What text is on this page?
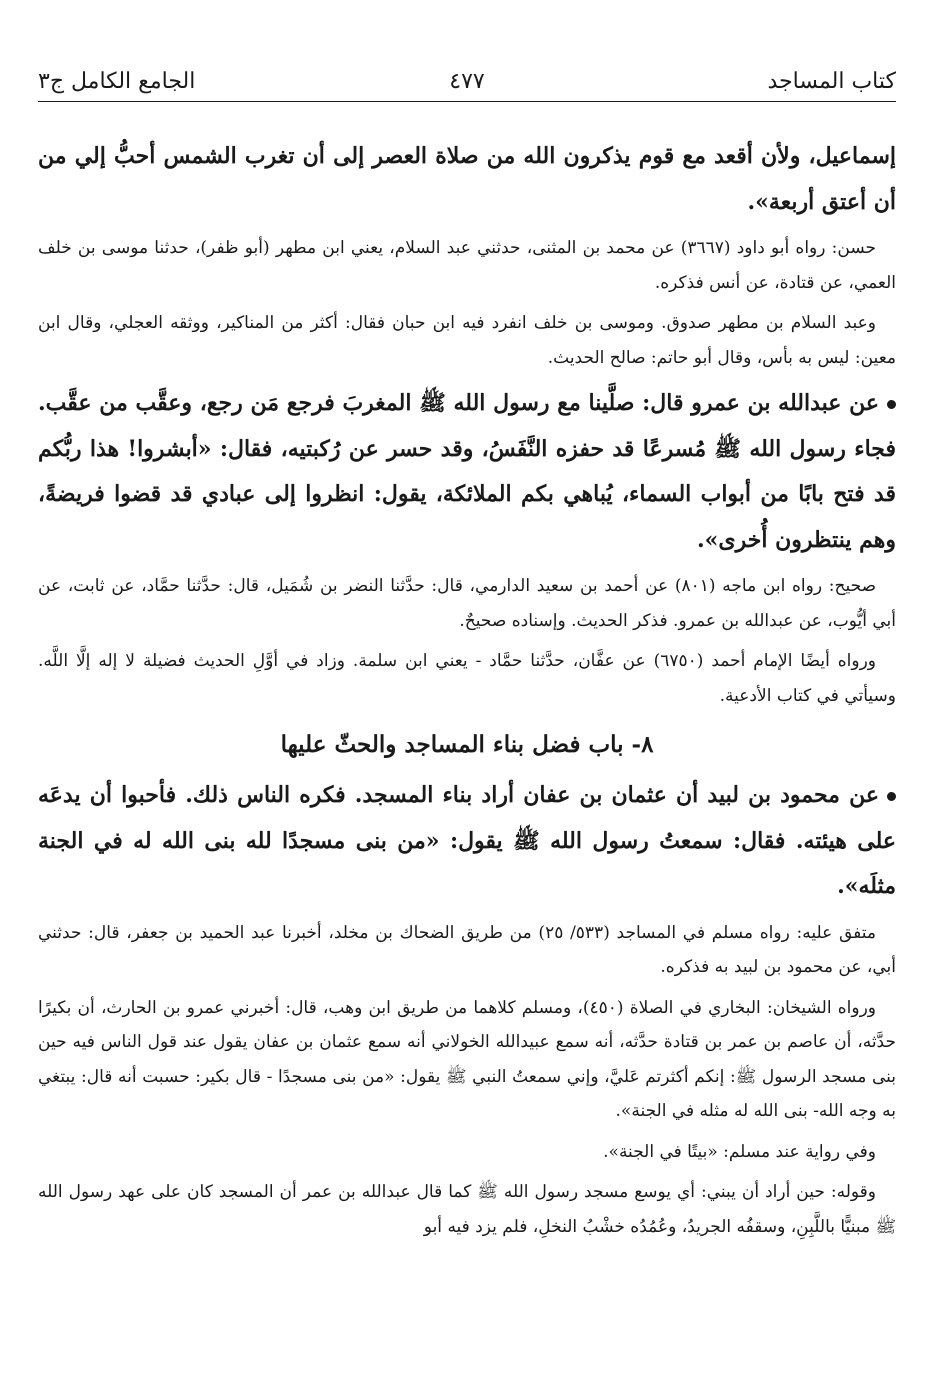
كتاب المساجد
٤٧٧
الجامع الكامل ج٣

إسماعيل، ولأن أقعد مع قوم يذكرون الله من صلاة العصر إلى أن تغرب الشمس أحبُّ إلي من أن أعتق أربعة».

حسن: رواه أبو داود (٣٦٦٧) عن محمد بن المثنى، حدثني عبد السلام، يعني ابن مطهر (أبو ظفر)، حدثنا موسى بن خلف العمي، عن قتادة، عن أنس فذكره.

وعبد السلام بن مطهر صدوق. وموسى بن خلف انفرد فيه ابن حبان فقال: أكثر من المناكير، ووثقه العجلي، وقال ابن معين: ليس به بأس، وقال أبو حاتم: صالح الحديث.

عن عبدالله بن عمرو قال: صلَّينا مع رسول الله ﷺ المغربَ فرجع مَن رجع، وعقَّب من عقَّب. فجاء رسول الله ﷺ مُسرعًا قد حفزه النَّفَسُ، وقد حسر عن رُكبتيه، فقال: «أبشروا! هذا ربُّكم قد فتح بابًا من أبواب السماء، يُباهي بكم الملائكة، يقول: انظروا إلى عبادي قد قضوا فريضةً، وهم ينتظرون أُخرى».

صحيح: رواه ابن ماجه (٨٠١) عن أحمد بن سعيد الدارمي، قال: حدَّثنا النضر بن شُمَيل، قال: حدَّثنا حمَّاد، عن ثابت، عن أبي أيُّوب، عن عبدالله بن عمرو. فذكر الحديث. وإسناده صحيحٌ.

ورواه أيضًا الإمام أحمد (٦٧٥٠) عن عفَّان، حدَّثنا حمَّاد - يعني ابن سلمة. وزاد في أوَّلِ الحديث فضيلة لا إله إلَّا اللَّه. وسيأتي في كتاب الأدعية.

٨- باب فضل بناء المساجد والحثّ عليها

عن محمود بن لبيد أن عثمان بن عفان أراد بناء المسجد. فكره الناس ذلك. فأحبوا أن يدعَه على هيئته. فقال: سمعتُ رسول الله ﷺ يقول: «من بنى مسجدًا لله بنى الله له في الجنة مثلَه».

متفق عليه: رواه مسلم في المساجد (٥٣٣/ ٢٥) من طريق الضحاك بن مخلد، أخبرنا عبد الحميد بن جعفر، قال: حدثني أبي، عن محمود بن لبيد به فذكره.

ورواه الشيخان: البخاري في الصلاة (٤٥٠)، ومسلم كلاهما من طريق ابن وهب، قال: أخبرني عمرو بن الحارث، أن بكيرًا حدَّثه، أن عاصم بن عمر بن قتادة حدَّثه، أنه سمع عبيدالله الخولاني أنه سمع عثمان بن عفان يقول عند قول الناس فيه حين بنى مسجد الرسول ﷺ: إنكم أكثرتم عَليَّ، وإني سمعتُ النبي ﷺ يقول: «من بنى مسجدًا - قال بكير: حسبت أنه قال: يبتغي به وجه الله- بنى الله له مثله في الجنة».

وفي رواية عند مسلم: «بيتًا في الجنة».

وقوله: حين أراد أن يبني: أي يوسع مسجد رسول الله ﷺ كما قال عبدالله بن عمر أن المسجد كان على عهد رسول الله ﷺ مبنيًّا باللَّبِنِ، وسقفُه الجريدُ، وعُمُدُه خشْبُ النخلِ، فلم يزد فيه أبو
